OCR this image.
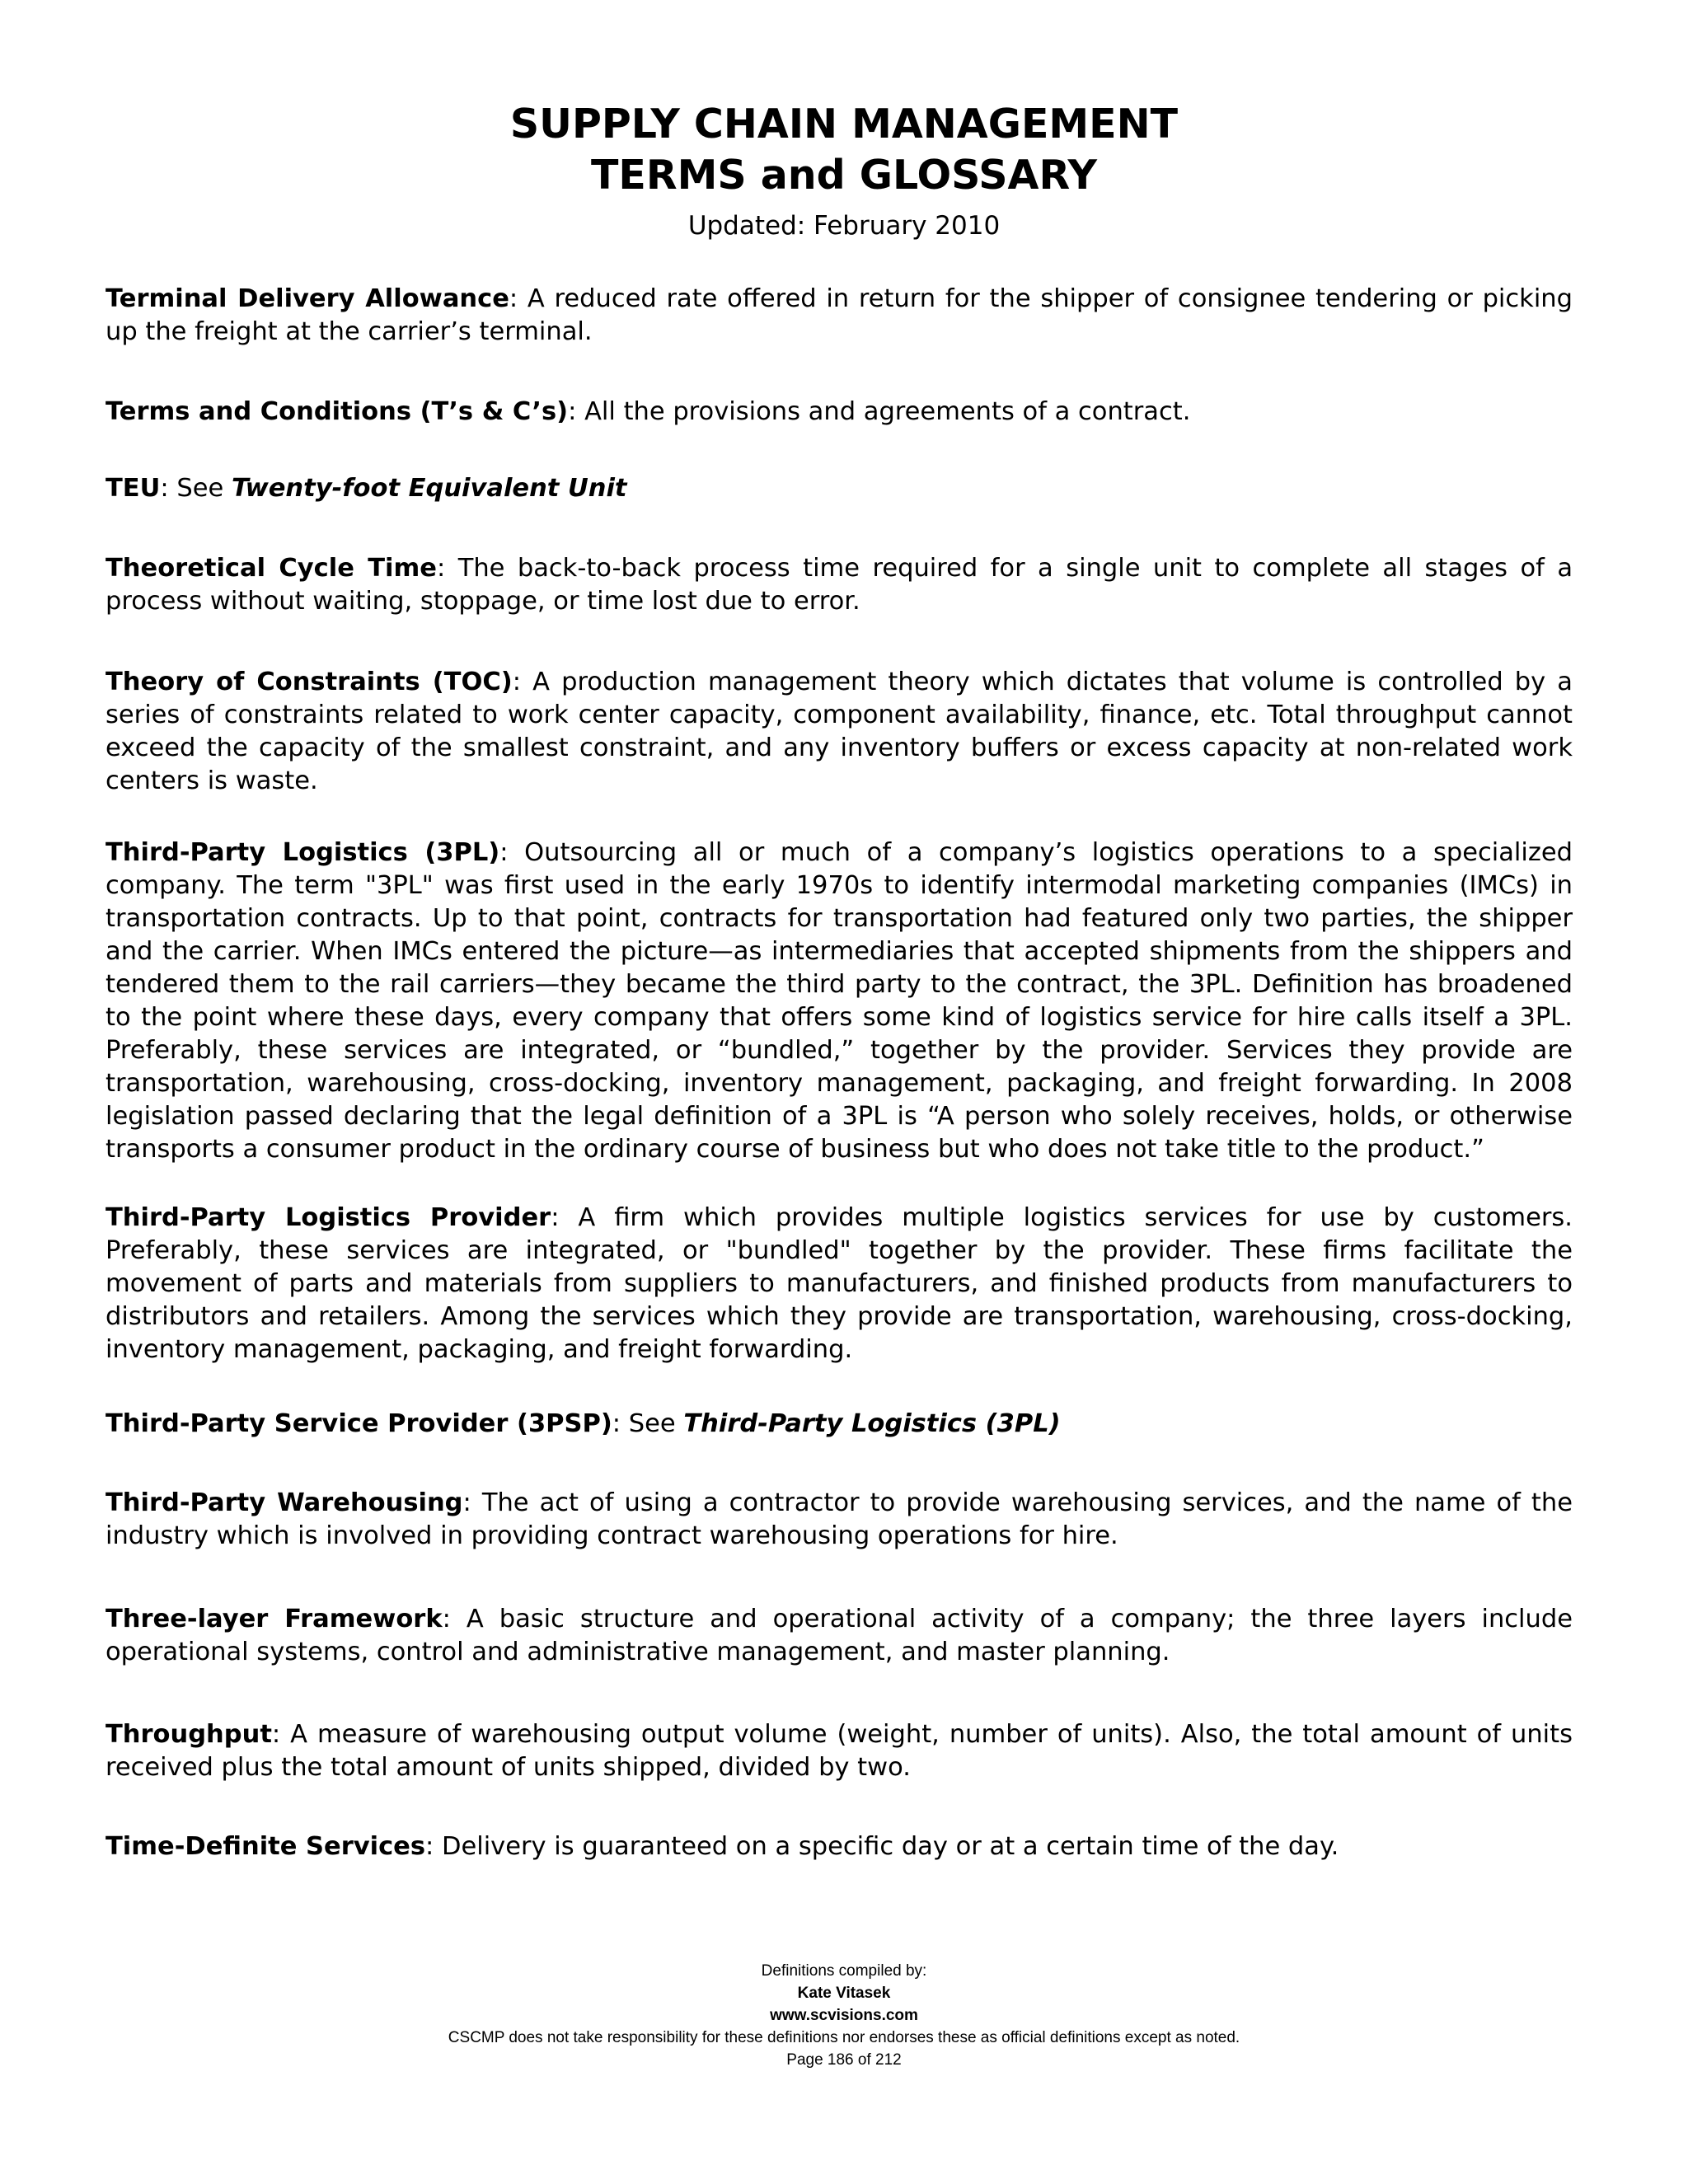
SUPPLY CHAIN MANAGEMENT
TERMS and GLOSSARY
Updated: February 2010

Terminal Delivery Allowance: A reduced rate offered in return for the shipper of consignee tendering or picking up the freight at the carrier’s terminal.

Terms and Conditions (T’s & C’s): All the provisions and agreements of a contract.

TEU: See Twenty-foot Equivalent Unit

Theoretical Cycle Time: The back-to-back process time required for a single unit to complete all stages of a process without waiting, stoppage, or time lost due to error.

Theory of Constraints (TOC): A production management theory which dictates that volume is controlled by a series of constraints related to work center capacity, component availability, finance, etc. Total throughput cannot exceed the capacity of the smallest constraint, and any inventory buffers or excess capacity at non-related work centers is waste.

Third-Party Logistics (3PL): Outsourcing all or much of a company’s logistics operations to a specialized company. The term "3PL" was first used in the early 1970s to identify intermodal marketing companies (IMCs) in transportation contracts. Up to that point, contracts for transportation had featured only two parties, the shipper and the carrier. When IMCs entered the picture—as intermediaries that accepted shipments from the shippers and tendered them to the rail carriers—they became the third party to the contract, the 3PL. Definition has broadened to the point where these days, every company that offers some kind of logistics service for hire calls itself a 3PL. Preferably, these services are integrated, or “bundled,” together by the provider. Services they provide are transportation, warehousing, cross-docking, inventory management, packaging, and freight forwarding. In 2008 legislation passed declaring that the legal definition of a 3PL is “A person who solely receives, holds, or otherwise transports a consumer product in the ordinary course of business but who does not take title to the product.”

Third-Party Logistics Provider: A firm which provides multiple logistics services for use by customers. Preferably, these services are integrated, or "bundled" together by the provider. These firms facilitate the movement of parts and materials from suppliers to manufacturers, and finished products from manufacturers to distributors and retailers. Among the services which they provide are transportation, warehousing, cross-docking, inventory management, packaging, and freight forwarding.

Third-Party Service Provider (3PSP): See Third-Party Logistics (3PL)

Third-Party Warehousing: The act of using a contractor to provide warehousing services, and the name of the industry which is involved in providing contract warehousing operations for hire.

Three-layer Framework: A basic structure and operational activity of a company; the three layers include operational systems, control and administrative management, and master planning.

Throughput: A measure of warehousing output volume (weight, number of units). Also, the total amount of units received plus the total amount of units shipped, divided by two.

Time-Definite Services: Delivery is guaranteed on a specific day or at a certain time of the day.

Definitions compiled by:
Kate Vitasek
www.scvisions.com
CSCMP does not take responsibility for these definitions nor endorses these as official definitions except as noted.
Page 186 of 212
